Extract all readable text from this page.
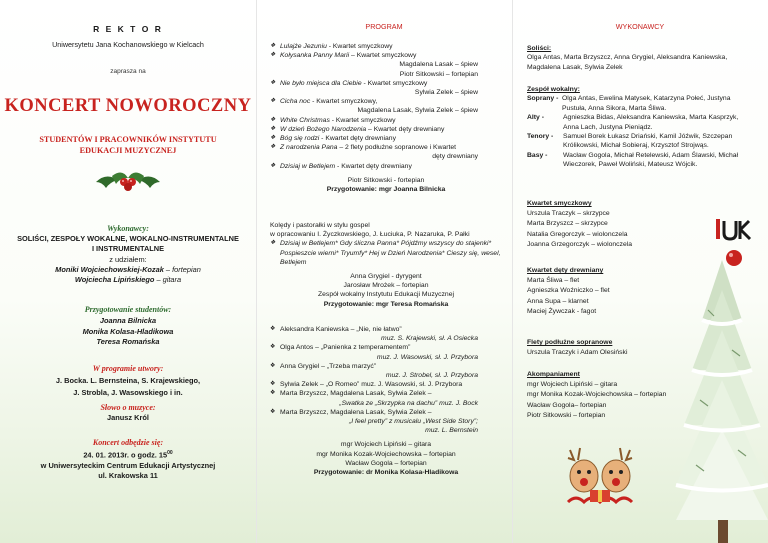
R E K T O R
Uniwersytetu Jana Kochanowskiego w Kielcach
zaprasza na
KONCERT NOWOROCZNY
STUDENTÓW I PRACOWNIKÓW INSTYTUTU EDUKACJI MUZYCZNEJ
Wykonawcy:
SOLIŚCI, ZESPOŁY WOKALNE, WOKALNO-INSTRUMENTALNE I INSTRUMENTALNE
z udziałem:
Moniki Wojciechowskiej-Kozak – fortepian
Wojciecha Lipińskiego – gitara
Przygotowanie studentów:
Joanna Bilnicka
Monika Kolasa-Hladikowa
Teresa Romańska
W programie utwory:
J. Bocka. L. Bernsteina, S. Krajewskiego,
J. Strobla, J. Wasowskiego i in.
Słowo o muzyce:
Janusz Król
Koncert odbędzie się:
24. 01. 2013r. o godz. $15^{00}$
w Uniwersyteckim Centrum Edukacji Artystycznej
ul. Krakowska 11
PROGRAM
❖ Lulajże Jezuniu - Kwartet smyczkowy
❖ Kołysanka Panny Marii – Kwartet smyczkowy
Magdalena Lasak – śpiew
Piotr Sitkowski – fortepian
❖ Nie było miejsca dla Ciebie - Kwartet smyczkowy
Sylwia Zelek – śpiew
❖ Cicha noc - Kwartet smyczkowy,
Magdalena Lasak, Sylwia Zelek – śpiew
❖ White Christmas - Kwartet smyczkowy
❖ W dzień Bożego Narodzenia – Kwartet dęty drewniany
❖ Bóg się rodzi - Kwartet dęty drewniany
❖ Z narodzenia Pana – 2 flety podłużne sopranowe i Kwartet
dęty drewniany
❖ Dzisiaj w Betlejem - Kwartet dęty drewniany
Piotr Sitkowski - fortepian
Przygotowanie: mgr Joanna Bilnicka
Kolędy i pastorałki w stylu gospel
w opracowaniu I. Życzkowskiego, J. Łuciuka, P. Nazaruka, P. Pałki
❖ Dzisiaj w Betlejem* Gdy śliczna Panna* Pójdźmy wszyscy do stajenki* Pospieszcie wierni* Tryumfy* Hej w Dzień Narodzenia* Cieszy się, wesel, Betlejem
Anna Grygiel - dyrygent
Jarosław Mrożek – fortepian
Zespół wokalny Instytutu Edukacji Muzycznej
Przygotowanie: mgr Teresa Romańska
❖ Aleksandra Kaniewska – „Nie, nie łatwo”
muz. S. Krajewski, sł. A Osiecka
❖ Olga Antos – „Panienka z temperamentem”
muz. J. Wasowski, sł. J. Przybora
❖ Anna Grygiel – „Trzeba marzyć”
muz. J. Strobel, sł. J. Przybora
❖ Sylwia Zelek – „O Romeo” muz. J. Wasowski, sł. J. Przybora
❖ Marta Brzyszcz, Magdalena Lasak, Sylwia Zelek –
„Swatka ze „Skrzypka na dachu” muz. J. Bock
❖ Marta Brzyszcz, Magdalena Lasak, Sylwia Zelek –
„I feel pretty” z musicalu „West Side Story”;
muz. L. Bernstein
mgr Wojciech Lipiński – gitara
mgr Monika Kozak-Wojciechowska – fortepian
Wacław Gogola – fortepian
Przygotowanie: dr Monika Kolasa-Hladikowa
WYKONAWCY
Soliści:
Olga Antas, Marta Brzyszcz, Anna Grygiel, Aleksandra Kaniewska, Magdalena Lasak, Sylwia Zelek
Zespół wokalny:
Soprany - Olga Antas, Ewelina Matysek, Katarzyna Połeć, Justyna Pustuła, Anna Sikora, Marta Śliwa.
Alty -	Agnieszka Bidas, Aleksandra Kaniewska, Marta Kasprzyk, Anna Lach, Justyna Pieniądz.
Tenory -	Samuel Borek Łukasz Driański, Kamil Jóźwik, Szczepan Królikowski, Michał Sobieraj, Krzysztof Strojwąs.
Basy -	Wacław Gogola, Michał Retelewski, Adam Ślawski, Michał Wieczorek, Paweł Woliński, Mateusz Wójcik.
Kwartet smyczkowy
Urszula Traczyk – skrzypce
Marta Brzyszcz – skrzypce
Natalia Gregorczyk – wiolonczela
Joanna Grzegorczyk – wiolonczela
Kwartet dęty drewniany
Marta Śliwa – flet
Agnieszka Woźniczko – flet
Anna Supa – klarnet
Maciej Żywczak - fagot
Flety podłużne sopranowe
Urszula Traczyk i Adam Olesiński
Akompaniament
mgr Wojciech Lipiński – gitara
mgr Monika Kozak-Wojciechowska – fortepian
Wacław Gogola– fortepian
Piotr Sitkowski – fortepian
